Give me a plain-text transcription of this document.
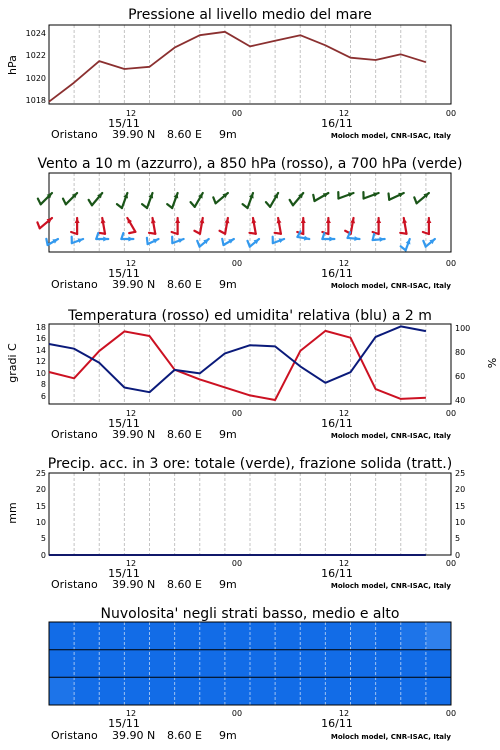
Pressione al livello medio del mare
hPa
1024
1022
1020
1018
12	00	12	00
15/11	16/11
Oristano 39.90 N 8.60 E 9m	Moloch model, CNR-ISAC, Italy
Vento a 10 m (azzurro), a 850 hPa (rosso), a 700 hPa (verde)
12	00	12	00
15/11	16/11
Oristano 39.90 N 8.60 E 9m	Moloch model, CNR-ISAC, Italy
Temperatura (rosso) ed umidita' relativa (blu) a 2 m
gradi C	%
18
16
14
12
10
8
6
100
80
60
40
12	00	12	00
15/11	16/11
Oristano 39.90 N 8.60 E 9m	Moloch model, CNR-ISAC, Italy
Precip. acc. in 3 ore: totale (verde), frazione solida (tratt.)
mm
25
20
15
10
5
0
25
20
15
10
5
0
12	00	12	00
15/11	16/11
Oristano 39.90 N 8.60 E 9m	Moloch model, CNR-ISAC, Italy
Nuvolosita' negli strati basso, medio e alto
12	00	12	00
15/11	16/11
Oristano 39.90 N 8.60 E 9m	Moloch model, CNR-ISAC, Italy
